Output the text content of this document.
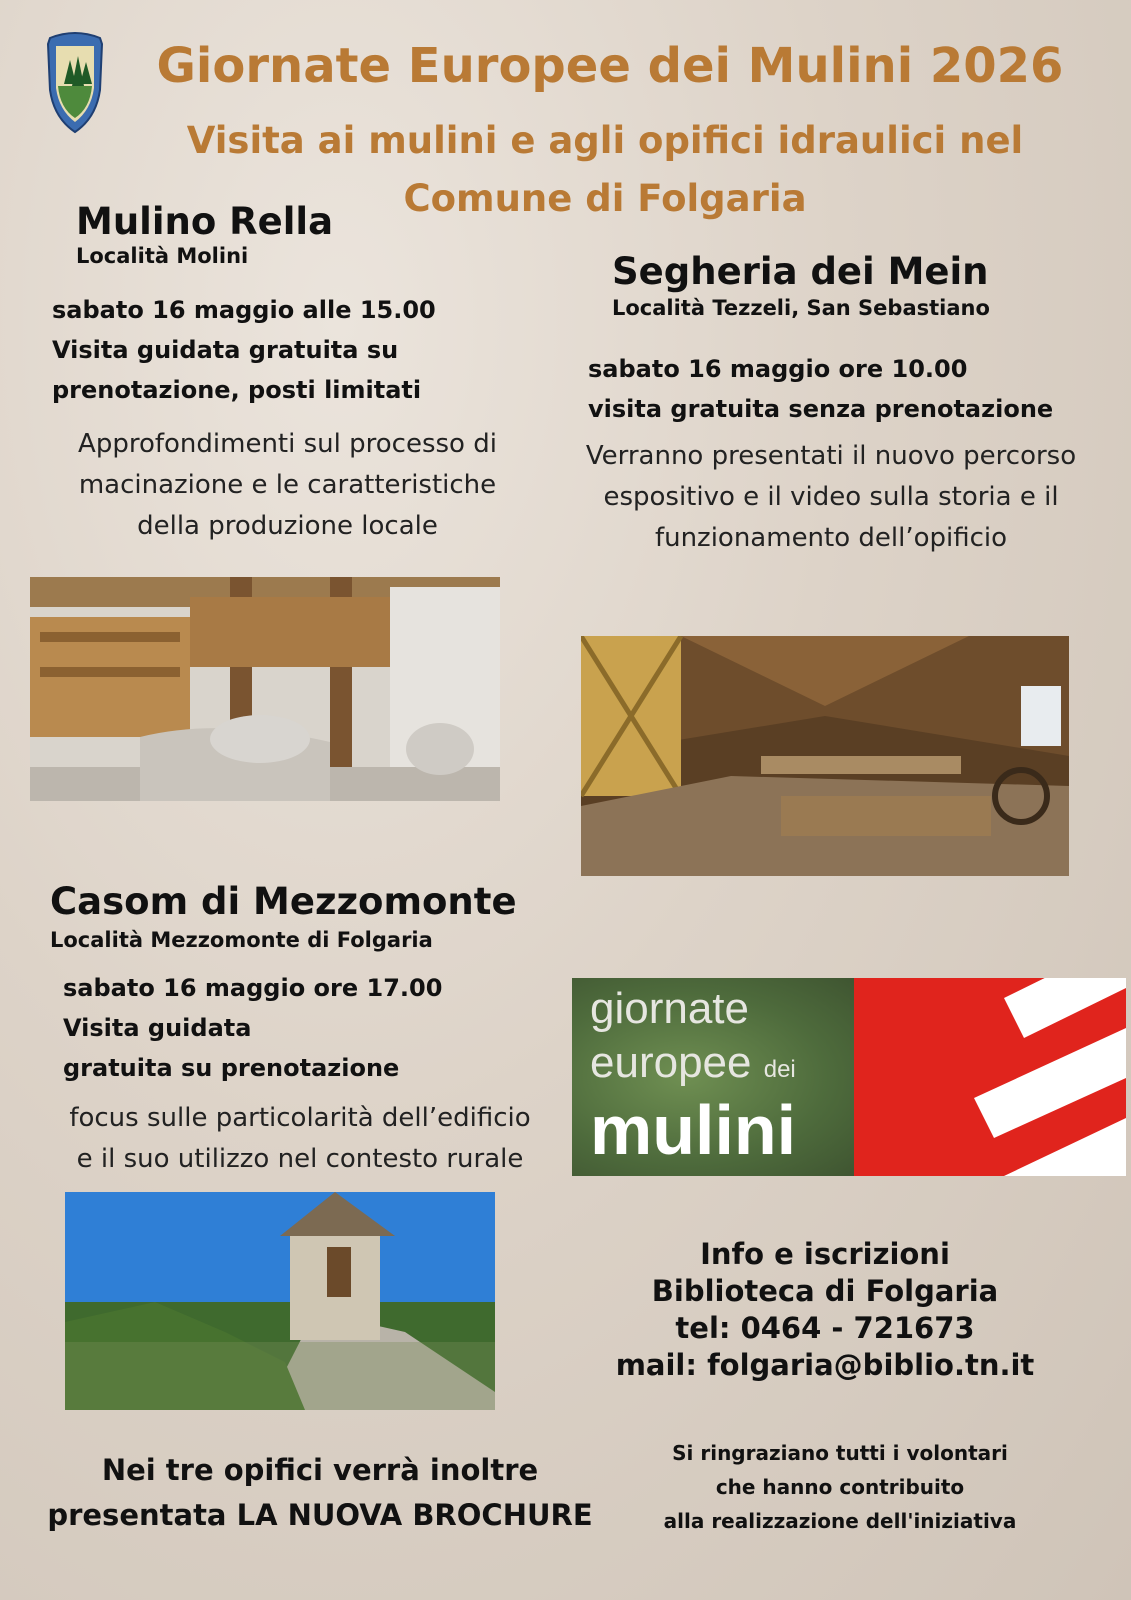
Giornate Europee dei Mulini 2026
Visita ai mulini e agli opifici idraulici nel
Comune di Folgaria
Mulino Rella
Località Molini
sabato 16 maggio alle 15.00
Visita guidata gratuita su
prenotazione, posti limitati
Approfondimenti sul processo di
macinazione e le caratteristiche
della produzione locale
Segheria dei Mein
Località Tezzeli, San Sebastiano
sabato 16 maggio ore 10.00
visita gratuita senza prenotazione
Verranno presentati il nuovo percorso
espositivo e il video sulla storia e il
funzionamento dell’opificio
Casom di Mezzomonte
Località Mezzomonte di Folgaria
sabato 16 maggio ore 17.00
Visita guidata
gratuita su prenotazione
focus sulle particolarità dell’edificio
e il suo utilizzo nel contesto rurale
giornate
europee dei
mulini
Info e iscrizioni
Biblioteca di Folgaria
tel: 0464 - 721673
mail: folgaria@biblio.tn.it
Si ringraziano tutti i volontari
che hanno contribuito
alla realizzazione dell'iniziativa
Nei tre opifici verrà inoltre
presentata LA NUOVA BROCHURE
